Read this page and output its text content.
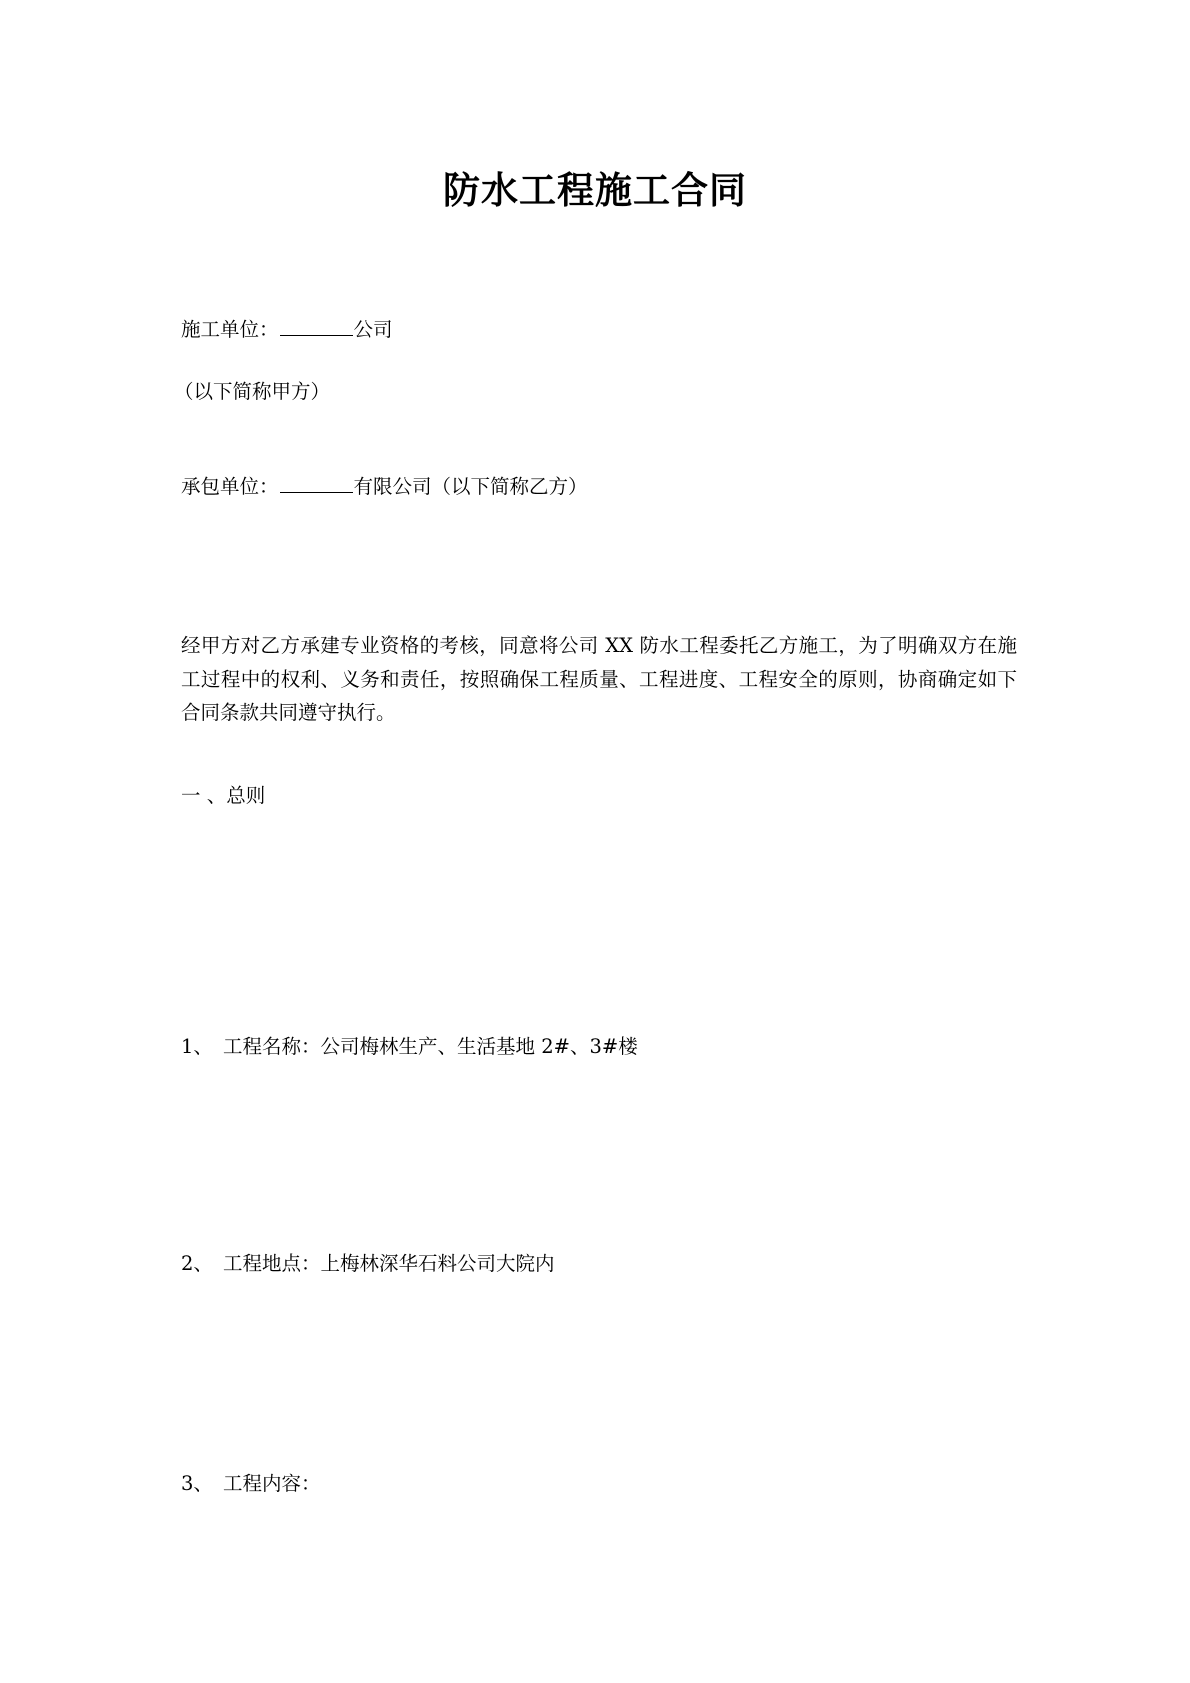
防水工程施工合同

施工单位：	公司

（以下简称甲方）

承包单位：	有限公司（以下简称乙方）

经甲方对乙方承建专业资格的考核，同意将公司 XX 防水工程委托乙方施工，为了明确双方在施工过程中的权利、义务和责任，按照确保工程质量、工程进度、工程安全的原则，协商确定如下合同条款共同遵守执行。

一 、总则

1、 工程名称：公司梅林生产、生活基地 2#、3#楼

2、 工程地点：上梅林深华石料公司大院内

3、 工程内容：
